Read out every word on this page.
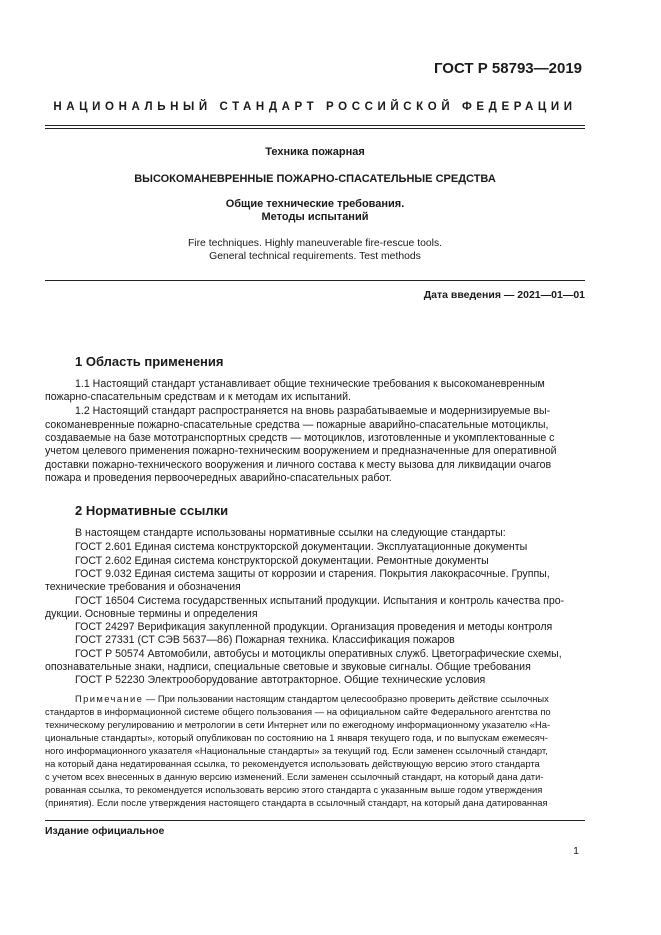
ГОСТ Р 58793—2019
НАЦИОНАЛЬНЫЙ СТАНДАРТ РОССИЙСКОЙ ФЕДЕРАЦИИ
Техника пожарная
ВЫСОКОМАНЕВРЕННЫЕ ПОЖАРНО-СПАСАТЕЛЬНЫЕ СРЕДСТВА
Общие технические требования.
Методы испытаний
Fire techniques. Highly maneuverable fire-rescue tools.
General technical requirements. Test methods
Дата введения — 2021—01—01
1 Область применения
1.1 Настоящий стандарт устанавливает общие технические требования к высокоманевренным
пожарно-спасательным средствам и к методам их испытаний.
1.2 Настоящий стандарт распространяется на вновь разрабатываемые и модернизируемые вы-
сокоманевренные пожарно-спасательные средства — пожарные аварийно-спасательные мотоциклы,
создаваемые на базе мототранспортных средств — мотоциклов, изготовленные и укомплектованные с
учетом целевого применения пожарно-техническим вооружением и предназначенные для оперативной
доставки пожарно-технического вооружения и личного состава к месту вызова для ликвидации очагов
пожара и проведения первоочередных аварийно-спасательных работ.
2 Нормативные ссылки
В настоящем стандарте использованы нормативные ссылки на следующие стандарты:
ГОСТ 2.601 Единая система конструкторской документации. Эксплуатационные документы
ГОСТ 2.602 Единая система конструкторской документации. Ремонтные документы
ГОСТ 9.032 Единая система защиты от коррозии и старения. Покрытия лакокрасочные. Группы,
технические требования и обозначения
ГОСТ 16504 Система государственных испытаний продукции. Испытания и контроль качества про-
дукции. Основные термины и определения
ГОСТ 24297 Верификация закупленной продукции. Организация проведения и методы контроля
ГОСТ 27331 (СТ СЭВ 5637—86) Пожарная техника. Классификация пожаров
ГОСТ Р 50574 Автомобили, автобусы и мотоциклы оперативных служб. Цветографические схемы,
опознавательные знаки, надписи, специальные световые и звуковые сигналы. Общие требования
ГОСТ Р 52230 Электрооборудование автотракторное. Общие технические условия
Примечание — При пользовании настоящим стандартом целесообразно проверить действие ссылочных
стандартов в информационной системе общего пользования — на официальном сайте Федерального агентства по
техническому регулированию и метрологии в сети Интернет или по ежегодному информационному указателю «На-
циональные стандарты», который опубликован по состоянию на 1 января текущего года, и по выпускам ежемесяч-
ного информационного указателя «Национальные стандарты» за текущий год. Если заменен ссылочный стандарт,
на который дана недатированная ссылка, то рекомендуется использовать действующую версию этого стандарта
с учетом всех внесенных в данную версию изменений. Если заменен ссылочный стандарт, на который дана дати-
рованная ссылка, то рекомендуется использовать версию этого стандарта с указанным выше годом утверждения
(принятия). Если после утверждения настоящего стандарта в ссылочный стандарт, на который дана датированная
Издание официальное
1
